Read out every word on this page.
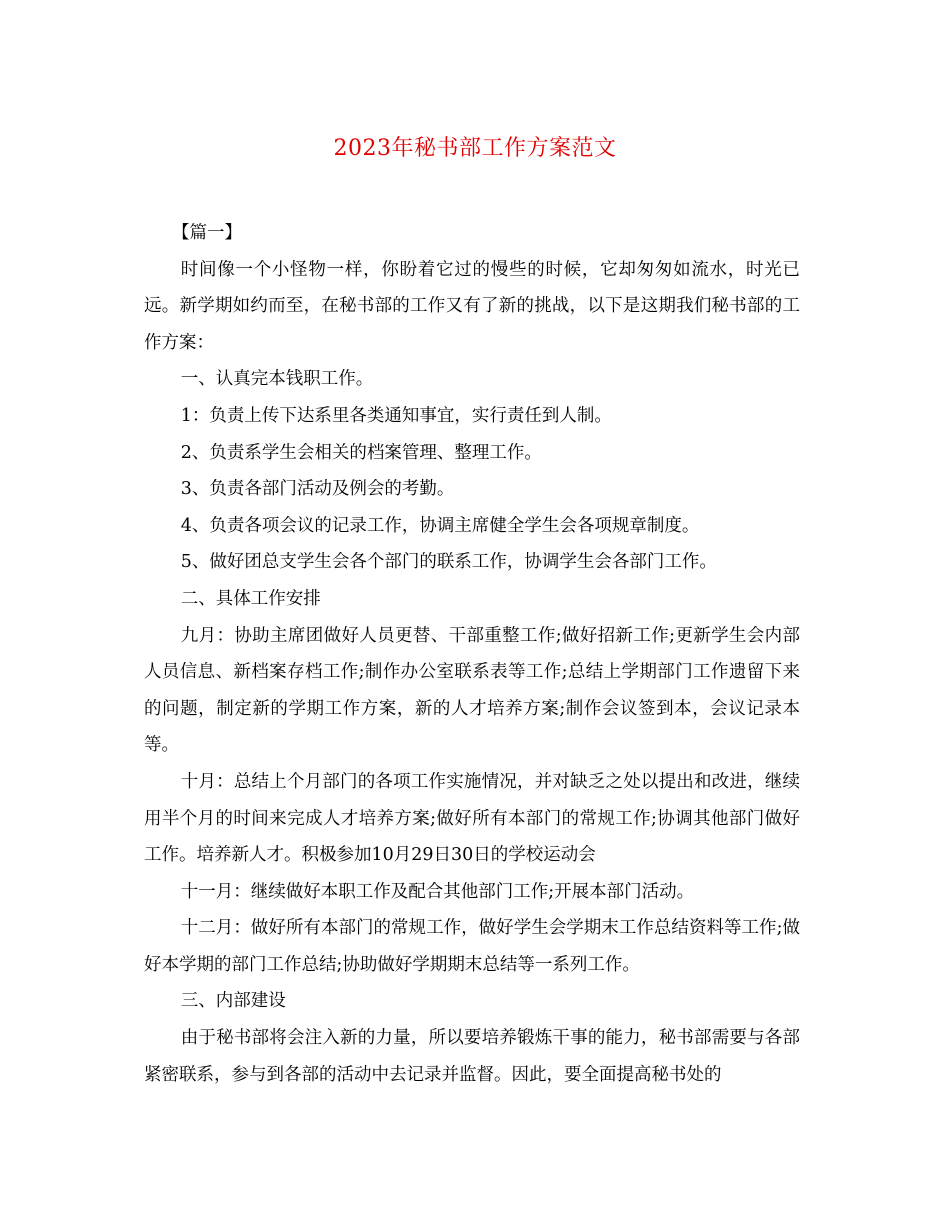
2023年秘书部工作方案范文

【篇一】

时间像一个小怪物一样，你盼着它过的慢些的时候，它却匆匆如流水，时光已远。新学期如约而至，在秘书部的工作又有了新的挑战，以下是这期我们秘书部的工作方案：

一、认真完本钱职工作。

1：负责上传下达系里各类通知事宜，实行责任到人制。

2、负责系学生会相关的档案管理、整理工作。

3、负责各部门活动及例会的考勤。

4、负责各项会议的记录工作，协调主席健全学生会各项规章制度。

5、做好团总支学生会各个部门的联系工作，协调学生会各部门工作。

二、具体工作安排

九月：协助主席团做好人员更替、干部重整工作;做好招新工作;更新学生会内部人员信息、新档案存档工作;制作办公室联系表等工作;总结上学期部门工作遗留下来的问题，制定新的学期工作方案，新的人才培养方案;制作会议签到本，会议记录本等。

十月：总结上个月部门的各项工作实施情况，并对缺乏之处以提出和改进，继续用半个月的时间来完成人才培养方案;做好所有本部门的常规工作;协调其他部门做好工作。培养新人才。积极参加10月29日30日的学校运动会

十一月：继续做好本职工作及配合其他部门工作;开展本部门活动。

十二月：做好所有本部门的常规工作，做好学生会学期末工作总结资料等工作;做好本学期的部门工作总结;协助做好学期期末总结等一系列工作。

三、内部建设

由于秘书部将会注入新的力量，所以要培养锻炼干事的能力，秘书部需要与各部紧密联系，参与到各部的活动中去记录并监督。因此，要全面提高秘书处的
